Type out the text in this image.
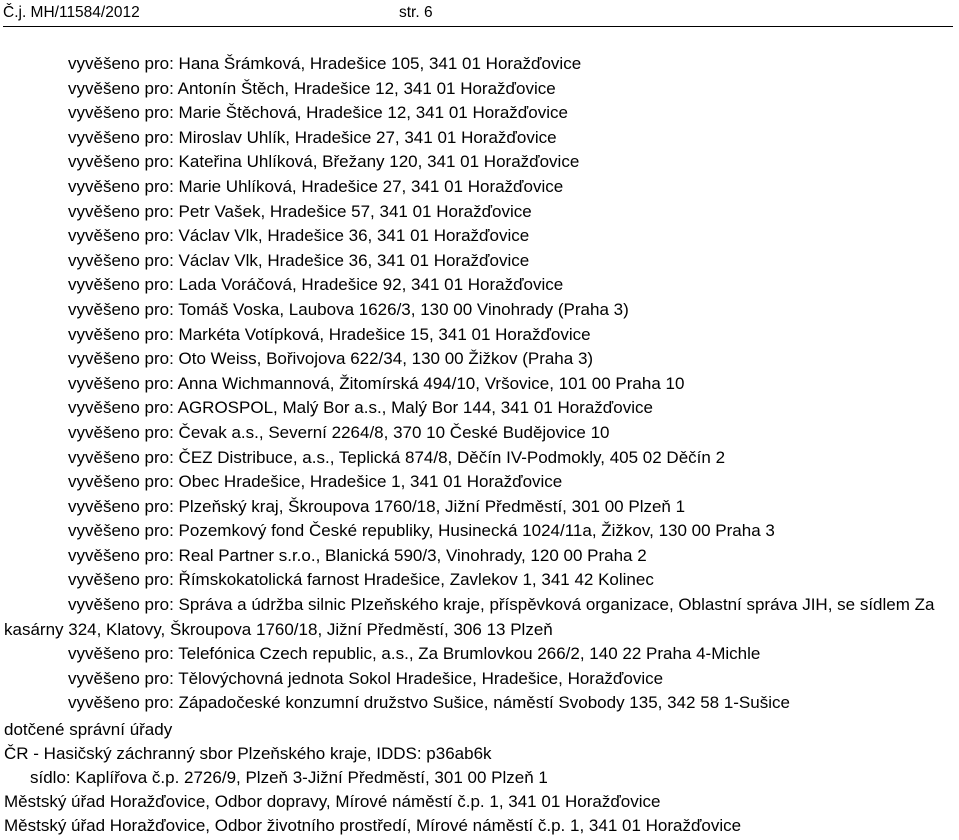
Č.j. MH/11584/2012	str. 6
vyvěšeno pro: Hana Šrámková, Hradešice 105, 341 01 Horažďovice
vyvěšeno pro: Antonín Štěch, Hradešice 12, 341 01 Horažďovice
vyvěšeno pro: Marie Štěchová, Hradešice 12, 341 01 Horažďovice
vyvěšeno pro: Miroslav Uhlík, Hradešice 27, 341 01 Horažďovice
vyvěšeno pro: Kateřina Uhlíková, Břežany 120, 341 01 Horažďovice
vyvěšeno pro: Marie Uhlíková, Hradešice 27, 341 01 Horažďovice
vyvěšeno pro: Petr Vašek, Hradešice 57, 341 01 Horažďovice
vyvěšeno pro: Václav Vlk, Hradešice 36, 341 01 Horažďovice
vyvěšeno pro: Václav Vlk, Hradešice 36, 341 01 Horažďovice
vyvěšeno pro: Lada Voráčová, Hradešice 92, 341 01 Horažďovice
vyvěšeno pro: Tomáš Voska, Laubova 1626/3, 130 00 Vinohrady (Praha 3)
vyvěšeno pro: Markéta Votípková, Hradešice 15, 341 01 Horažďovice
vyvěšeno pro: Oto Weiss, Bořivojova 622/34, 130 00 Žižkov (Praha 3)
vyvěšeno pro: Anna Wichmannová, Žitomírská 494/10, Vršovice, 101 00 Praha 10
vyvěšeno pro: AGROSPOL, Malý Bor a.s., Malý Bor 144, 341 01 Horažďovice
vyvěšeno pro: Čevak a.s., Severní 2264/8, 370 10 České Budějovice 10
vyvěšeno pro: ČEZ Distribuce, a.s., Teplická 874/8, Děčín IV-Podmokly, 405 02 Děčín 2
vyvěšeno pro: Obec Hradešice, Hradešice 1, 341 01 Horažďovice
vyvěšeno pro: Plzeňský kraj, Škroupova 1760/18, Jižní Předměstí, 301 00 Plzeň 1
vyvěšeno pro: Pozemkový fond České republiky, Husinecká 1024/11a, Žižkov, 130 00 Praha 3
vyvěšeno pro: Real Partner s.r.o., Blanická 590/3, Vinohrady, 120 00 Praha 2
vyvěšeno pro: Římskokatolická farnost Hradešice, Zavlekov 1, 341 42 Kolinec
vyvěšeno pro: Správa a údržba silnic Plzeňského kraje, příspěvková organizace, Oblastní správa JIH, se sídlem Za kasárny 324, Klatovy, Škroupova 1760/18, Jižní Předměstí, 306 13 Plzeň
vyvěšeno pro: Telefónica Czech republic, a.s., Za Brumlovkou 266/2, 140 22 Praha 4-Michle
vyvěšeno pro: Tělovýchovná jednota Sokol Hradešice, Hradešice, Horažďovice
vyvěšeno pro: Západočeské konzumní družstvo Sušice, náměstí Svobody 135, 342 58 1-Sušice
dotčené správní úřady
ČR - Hasičský záchranný sbor Plzeňského kraje, IDDS: p36ab6k
sídlo: Kaplířova č.p. 2726/9, Plzeň 3-Jižní Předměstí, 301 00 Plzeň 1
Městský úřad Horažďovice, Odbor dopravy, Mírové náměstí č.p. 1, 341 01 Horažďovice
Městský úřad Horažďovice, Odbor životního prostředí, Mírové náměstí č.p. 1, 341 01 Horažďovice
